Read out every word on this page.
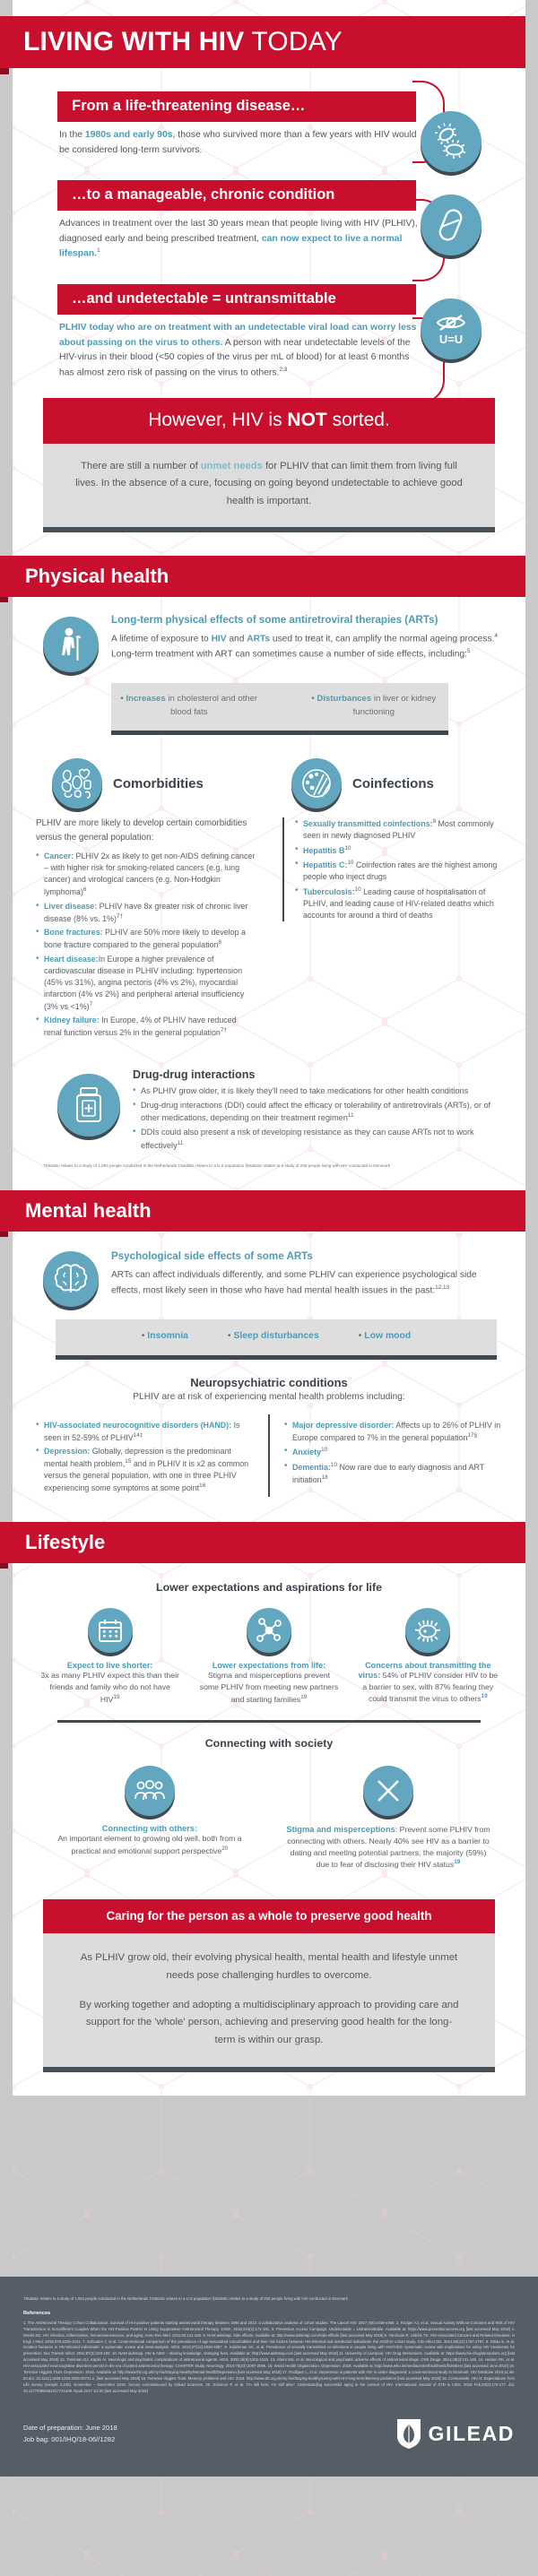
LIVING WITH HIV TODAY
From a life-threatening disease…

In the 1980s and early 90s, those who survived more than a few years with HIV would be considered long-term survivors.

…to a manageable, chronic condition

Advances in treatment over the last 30 years mean that people living with HIV (PLHIV), diagnosed early and being prescribed treatment, can now expect to live a normal lifespan.$^1$

…and undetectable = untransmittable

PLHIV today who are on treatment with an undetectable viral load can worry less about passing on the virus to others. A person with near undetectable levels of the HIV-virus in their blood (<50 copies of the virus per mL of blood) for at least 6 months has almost zero risk of passing on the virus to others.$^{2,3}$

U=U
However, HIV is NOT sorted.
There are still a number of unmet needs for PLHIV that can limit them from living full lives. In the absence of a cure, focusing on going beyond undetectable to achieve good health is important.
Physical health
Long-term physical effects of some antiretroviral therapies (ARTs)
A lifetime of exposure to HIV and ARTs used to treat it, can amplify the normal ageing process.$^4$ Long-term treatment with ART can sometimes cause a number of side effects, including:$^5$
• Increases in cholesterol and other blood fats
• Disturbances in liver or kidney functioning
Comorbidities
PLHIV are more likely to develop certain comorbidities versus the general population:
• Cancer: PLHIV 2x as likely to get non-AIDS defining cancer – with higher risk for smoking-related cancers (e.g. lung cancer) and virological cancers (e.g. Non-Hodgkin lymphoma)$^6$
• Liver disease: PLHIV have 8x greater risk of chronic liver disease (8% vs. 1%)$^{7\dagger}$
• Bone fractures: PLHIV are 50% more likely to develop a bone fracture compared to the general population$^8$
• Heart disease:In Europe a higher prevalence of cardiovascular disease in PLHIV including: hypertension (45% vs 31%), angina pectoris (4% vs 2%), myocardial infarction (4% vs 2%) and peripheral arterial insufficiency (3% vs <1%)$^7$
• Kidney failure: In Europe, 4% of PLHIV have reduced renal function versus 2% in the general population$^{7\dagger}$
Coinfections
• Sexually transmitted coinfections:$^9$ Most commonly seen in newly diagnosed PLHIV
• Hepatitis $B^{10}$
• Hepatitis C:$^{10}$ Coinfection rates are the highest among people who inject drugs
• Tuberculosis:$^{10}$ Leading cause of hospitalisation of PLHIV, and leading cause of HIV-related deaths which accounts for around a third of deaths
Drug-drug interactions
• As PLHIV grow older, it is likely they'll need to take medications for other health conditions
• Drug-drug interactions (DDI) could affect the efficacy or tolerability of antiretrovirals (ARTs), or of other medications, depending on their treatment regimen$^{11}$
• DDIs could also present a risk of developing resistance as they can cause ARTs not to work effectively$^{11}$
†Statistic relates to a study of 1,064 people conducted in the Netherlands ‡Statistic relates to a U.S population §Statistic relates to a study of 205 people living with HIV conducted in Denmark
Mental health
Psychological side effects of some ARTs
ARTs can affect individuals differently, and some PLHIV can experience psychological side effects, most likely seen in those who have had mental health issues in the past:$^{12,13}$
• Insomnia	• Sleep disturbances	• Low mood
Neuropsychiatric conditions
PLHIV are at risk of experiencing mental health problems including:
• HIV-associated neurocognitive disorders (HAND): Is seen in 52-59% of $PLHIV^{14\ddagger}$
• Depression: Globally, depression is the predominant mental health problem,$^{15}$ and in PLHIV it is x2 as common versus the general population, with one in three PLHIV experiencing some symptoms at some point$^{16}$
• Major depressive disorder: Affects up to 26% of PLHIV in Europe compared to 7% in the general population$^{17\S}$
• Anxiety$^{10}$
• Dementia:$^{10}$ Now rare due to early diagnosis and ART initiation$^{18}$
Lifestyle
Lower expectations and aspirations for life
Expect to live shorter:
3x as many PLHIV expect this than their friends and family who do not have HIV$^{19}$
Lower expectations from life:
Stigma and misperceptions prevent some PLHIV from meeting new partners and starting families$^{19}$
Concerns about transmitting the virus: 54% of PLHIV consider HIV to be a barrier to sex, with 87% fearing they could transmit the virus to others$^{19}$
Connecting with society
Connecting with others:
An important element to growing old well, both from a practical and emotional support perspective$^{20}$
Stigma and misperceptions: Prevent some PLHIV from connecting with others. Nearly 40% see HIV as a barrier to dating and meeting potential partners, the majority (59%) due to fear of disclosing their HIV status$^{19}$
Caring for the person as a whole to preserve good health
As PLHIV grow old, their evolving physical health, mental health and lifestyle unmet needs pose challenging hurdles to overcome.
By working together and adopting a multidisciplinary approach to providing care and support for the 'whole' person, achieving and preserving good health for the long-term is within our grasp.
†Statistic relates to a study of 1,064 people conducted in the Netherlands ‡Statistic relates to a U.S population §Statistic relates to a study of 205 people living with HIV conducted in Denmark
References
1. The Antiretroviral Therapy Cohort Collaboration. Survival of HIV-positive patients starting antiretroviral therapy between 1996 and 2013: a collaborative analysis of cohort studies. The Lancet HIV. 2017;4(8):e349-e356. 2. Rodger AJ, et al. Sexual Activity Without Condoms and Risk of HIV Transmission in Serodifferent Couples When the HIV-Positive Partner Is Using Suppressive Antiretroviral Therapy. JAMA. 2016;316(2):171-181. 3. Prevention Access Campaign. Undetectable = Untransmittable. Available at: https://www.preventionaccess.org [last accessed May 2018] 4. Deeks SG. HIV infection, inflammation, immunosenescence, and aging. Annu Rev Med. 2011;62:141-155. 5. NAM aidsmap. Side effects. Available at: http://www.aidsmap.com/Side-effects [last accessed May 2018] 6. Yarchoan R, Uldrick TS. HIV-Associated Cancers and Related Diseases. N Engl J Med. 2018;378:1029-1041. 7. Schouten J, et al. Cross-sectional comparison of the prevalence of age-associated comorbidities and their risk factors between HIV-infected and uninfected individuals: the AGEhIV cohort study. Clin Infect Dis. 2014;59(12):1787-1797. 8. Shiau S, et al. Incident fractures in HIV-infected individuals: a systematic review and meta-analysis. AIDS. 2013;27(12):1949-1957. 9. Kalichman SC, et al. Prevalence of sexually transmitted co-infections in people living with HIV/AIDS: systematic review with implications for using HIV treatments for prevention. Sex Transm Infect. 2011;87(3):183-190. 10. NAM aidsmap. HIV & AIDS – sharing knowledge, changing lives. Available at: http://www.aidsmap.com [last accessed May 2018] 11. University of Liverpool. HIV Drug Interactions. Available at: https://www.hiv-druginteractions.org [last accessed May 2018] 12. Treisman GJ, Kaplin AI. Neurologic and psychiatric complications of antiretroviral agents. AIDS. 2002;16(9):1201-1215. 13. Abers MS, et al. Neurological and psychiatric adverse effects of antiretroviral drugs. CNS Drugs. 2014;28(2):131-145. 14. Heaton RK, et al. HIV-associated neurocognitive disorders persist in the era of potent antiretroviral therapy: CHARTER Study. Neurology. 2010;75(23):2087-2096. 15. World Health Organization. Depression. 2018. Available at: http://www.who.int/mediacentre/factsheets/fs369/en/ [last accessed June 2018] 16. Terrence Higgins Trust. Depression. 2018. Available at: http://www.tht.org.uk/my-hiv/Staying-healthy/Mental-health/Depression [last accessed May 2018] 17. Rodkjaer L, et al. Depression in patients with HIV is under-diagnosed: a cross-sectional study in Denmark. HIV Medicine 2010;11:46-53.doi: 10.1111/j.1468-1293.2009.00741.x. [last accessed May 2018] 18. Terrence Higgins Trust. Memory problems and HIV. 2018. http://www.tht.org.uk/my-hiv/Staying-healthy/Living-with-HIV-long-term/Memory-problems [last accessed May 2018] 19. Censuswide. HIV is: Expectations from Life survey (sample 3,245). November – December 2016. Survey commissioned by Gilead Sciences. 20. Solomon P, et al. 'I'm still here, I'm still alive': Understanding successful aging in the context of HIV. International Journal of STD & AIDS, 2018 Feb;29(2):172-177. doi: 10.1177/0956462417721439. Epub 2017 Jul 20 [last accessed May 2018]
Date of preparation: June 2018
Job bag: 001/IHQ/18-06//1282	GILEAD
